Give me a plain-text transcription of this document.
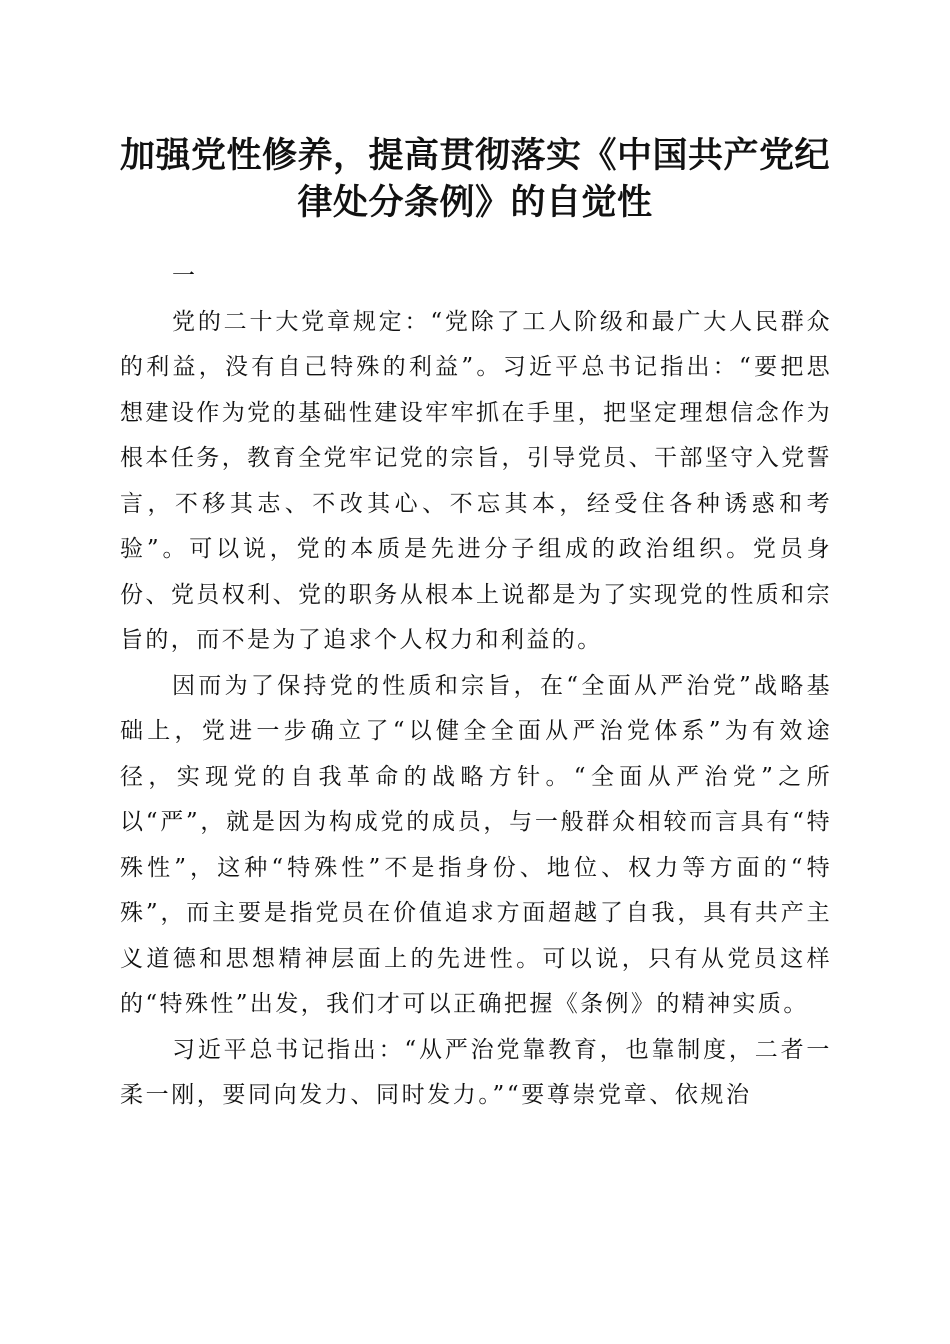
加强党性修养，提高贯彻落实《中国共产党纪
律处分条例》的自觉性

一

党的二十大党章规定：“党除了工人阶级和最广大人民群众的利益，没有自己特殊的利益”。习近平总书记指出：“要把思想建设作为党的基础性建设牢牢抓在手里，把坚定理想信念作为根本任务，教育全党牢记党的宗旨，引导党员、干部坚守入党誓言，不移其志、不改其心、不忘其本，经受住各种诱惑和考验”。可以说，党的本质是先进分子组成的政治组织。党员身份、党员权利、党的职务从根本上说都是为了实现党的性质和宗旨的，而不是为了追求个人权力和利益的。

因而为了保持党的性质和宗旨，在“全面从严治党”战略基础上，党进一步确立了“以健全全面从严治党体系”为有效途径，实现党的自我革命的战略方针。“全面从严治党”之所以“严”，就是因为构成党的成员，与一般群众相较而言具有“特殊性”，这种“特殊性”不是指身份、地位、权力等方面的“特殊”，而主要是指党员在价值追求方面超越了自我，具有共产主义道德和思想精神层面上的先进性。可以说，只有从党员这样的“特殊性”出发，我们才可以正确把握《条例》的精神实质。

习近平总书记指出：“从严治党靠教育，也靠制度，二者一柔一刚，要同向发力、同时发力。”“要尊崇党章、依规治
